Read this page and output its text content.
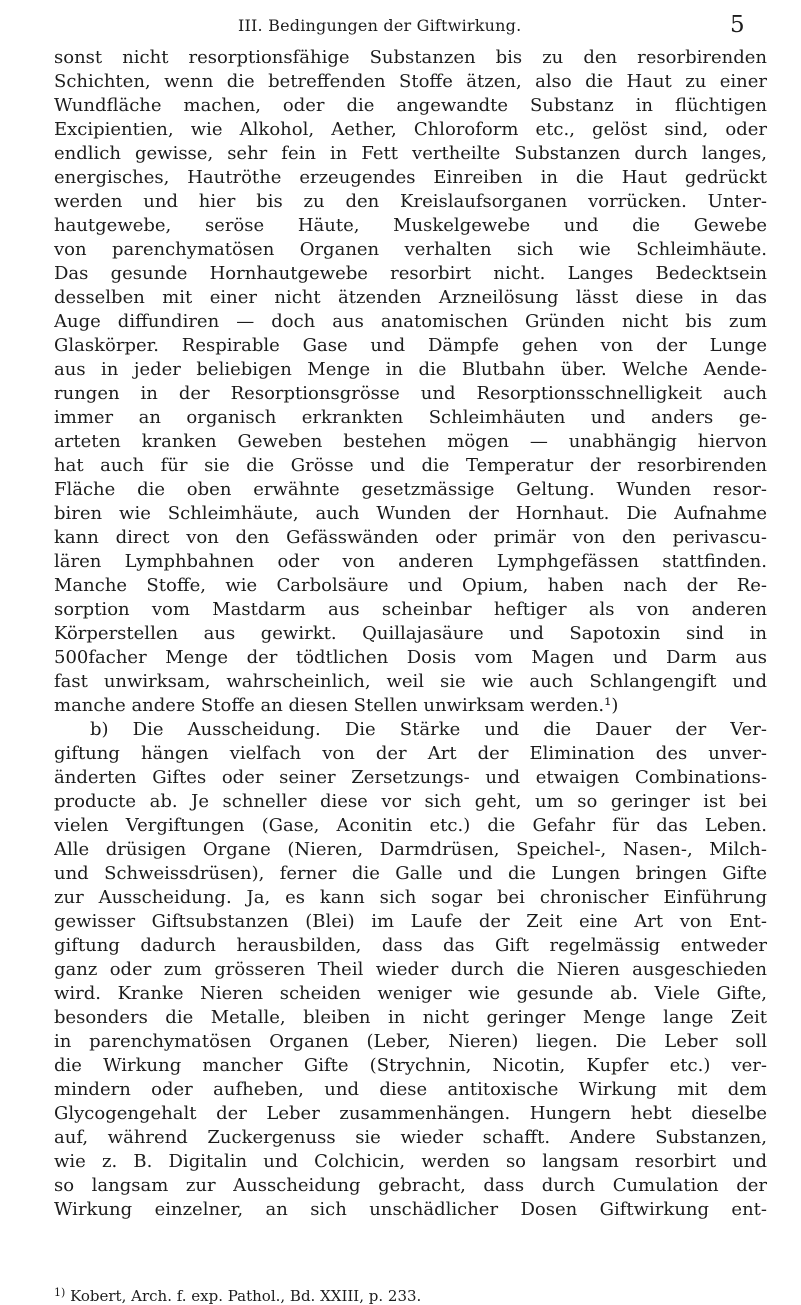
III. Bedingungen der Giftwirkung.	5
sonst nicht resorptionsfähige Substanzen bis zu den resorbirenden
Schichten, wenn die betreffenden Stoffe ätzen, also die Haut zu einer
Wundfläche machen, oder die angewandte Substanz in flüchtigen
Excipientien, wie Alkohol, Aether, Chloroform etc., gelöst sind, oder
endlich gewisse, sehr fein in Fett vertheilte Substanzen durch langes,
energisches, Hautröthe erzeugendes Einreiben in die Haut gedrückt
werden und hier bis zu den Kreislaufsorganen vorrücken. Unter-
hautgewebe, seröse Häute, Muskelgewebe und die Gewebe
von parenchymatösen Organen verhalten sich wie Schleimhäute.
Das gesunde Hornhautgewebe resorbirt nicht. Langes Bedecktsein
desselben mit einer nicht ätzenden Arzneilösung lässt diese in das
Auge diffundiren — doch aus anatomischen Gründen nicht bis zum
Glaskörper. Respirable Gase und Dämpfe gehen von der Lunge
aus in jeder beliebigen Menge in die Blutbahn über. Welche Aende-
rungen in der Resorptionsgrösse und Resorptionsschnelligkeit auch
immer an organisch erkrankten Schleimhäuten und anders ge-
arteten kranken Geweben bestehen mögen — unabhängig hiervon
hat auch für sie die Grösse und die Temperatur der resorbirenden
Fläche die oben erwähnte gesetzmässige Geltung. Wunden resor-
biren wie Schleimhäute, auch Wunden der Hornhaut. Die Aufnahme
kann direct von den Gefässwänden oder primär von den perivascu-
lären Lymphbahnen oder von anderen Lymphgefässen stattfinden.
Manche Stoffe, wie Carbolsäure und Opium, haben nach der Re-
sorption vom Mastdarm aus scheinbar heftiger als von anderen
Körperstellen aus gewirkt. Quillajasäure und Sapotoxin sind in
500facher Menge der tödtlichen Dosis vom Magen und Darm aus
fast unwirksam, wahrscheinlich, weil sie wie auch Schlangengift und
manche andere Stoffe an diesen Stellen unwirksam werden.¹)
b) Die Ausscheidung. Die Stärke und die Dauer der Ver-
giftung hängen vielfach von der Art der Elimination des unver-
änderten Giftes oder seiner Zersetzungs- und etwaigen Combinations-
producte ab. Je schneller diese vor sich geht, um so geringer ist bei
vielen Vergiftungen (Gase, Aconitin etc.) die Gefahr für das Leben.
Alle drüsigen Organe (Nieren, Darmdrüsen, Speichel-, Nasen-, Milch-
und Schweissdrüsen), ferner die Galle und die Lungen bringen Gifte
zur Ausscheidung. Ja, es kann sich sogar bei chronischer Einführung
gewisser Giftsubstanzen (Blei) im Laufe der Zeit eine Art von Ent-
giftung dadurch herausbilden, dass das Gift regelmässig entweder
ganz oder zum grösseren Theil wieder durch die Nieren ausgeschieden
wird. Kranke Nieren scheiden weniger wie gesunde ab. Viele Gifte,
besonders die Metalle, bleiben in nicht geringer Menge lange Zeit
in parenchymatösen Organen (Leber, Nieren) liegen. Die Leber soll
die Wirkung mancher Gifte (Strychnin, Nicotin, Kupfer etc.) ver-
mindern oder aufheben, und diese antitoxische Wirkung mit dem
Glycogengehalt der Leber zusammenhängen. Hungern hebt dieselbe
auf, während Zuckergenuss sie wieder schafft. Andere Substanzen,
wie z. B. Digitalin und Colchicin, werden so langsam resorbirt und
so langsam zur Ausscheidung gebracht, dass durch Cumulation der
Wirkung einzelner, an sich unschädlicher Dosen Giftwirkung ent-
$^{1)}$ Kobert, Arch. f. exp. Pathol., Bd. XXIII, p. 233.
